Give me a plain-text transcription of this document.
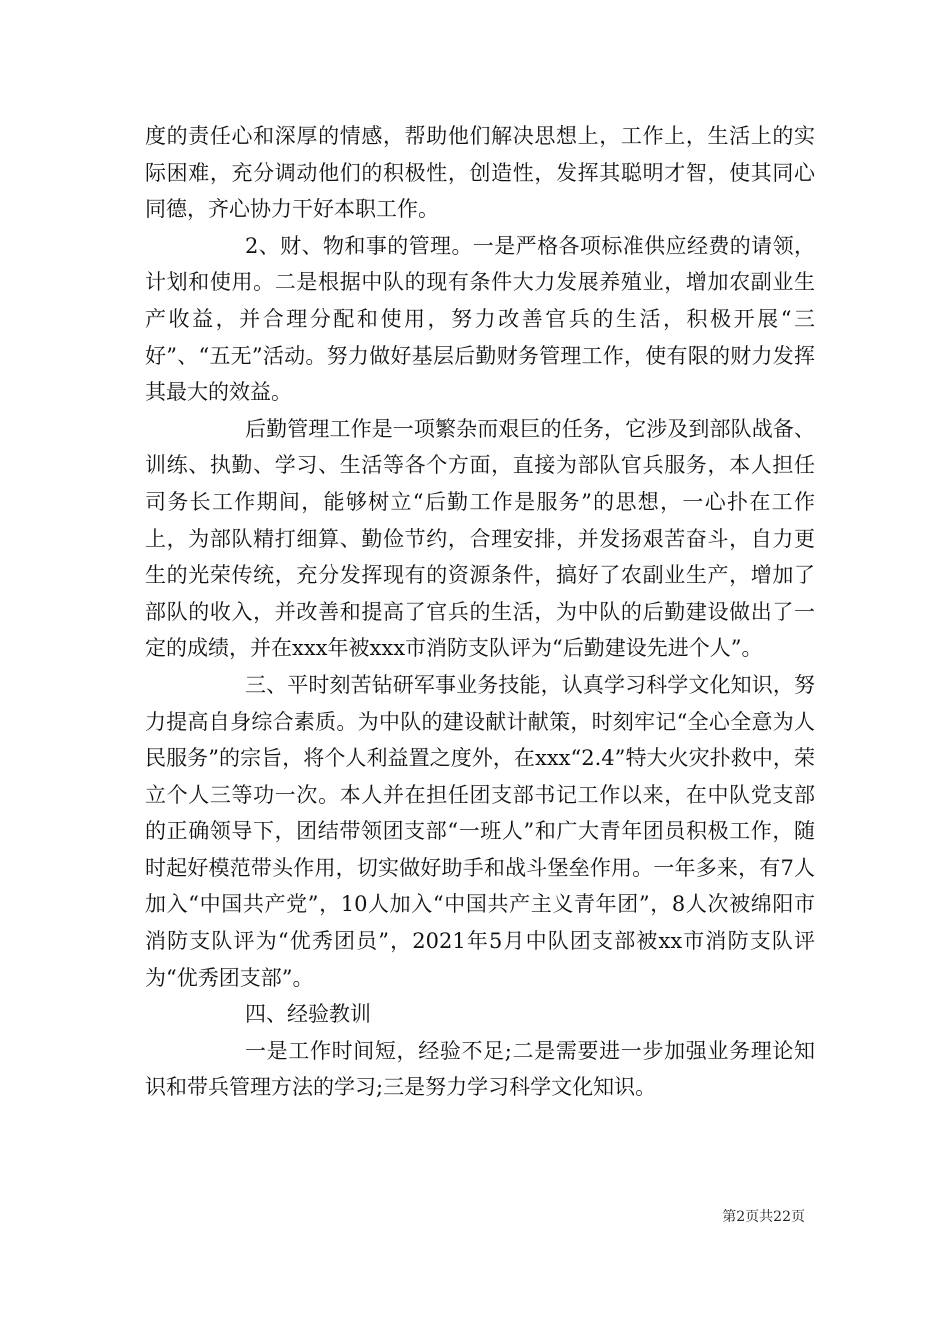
度的责任心和深厚的情感，帮助他们解决思想上，工作上，生活上的实际困难，充分调动他们的积极性，创造性，发挥其聪明才智，使其同心同德，齐心协力干好本职工作。

2、财、物和事的管理。一是严格各项标准供应经费的请领，计划和使用。二是根据中队的现有条件大力发展养殖业，增加农副业生产收益，并合理分配和使用，努力改善官兵的生活，积极开展“三好”、“五无”活动。努力做好基层后勤财务管理工作，使有限的财力发挥其最大的效益。

后勤管理工作是一项繁杂而艰巨的任务，它涉及到部队战备、训练、执勤、学习、生活等各个方面，直接为部队官兵服务，本人担任司务长工作期间，能够树立“后勤工作是服务”的思想，一心扑在工作上，为部队精打细算、勤俭节约，合理安排，并发扬艰苦奋斗，自力更生的光荣传统，充分发挥现有的资源条件，搞好了农副业生产，增加了部队的收入，并改善和提高了官兵的生活，为中队的后勤建设做出了一定的成绩，并在xxx年被xxx市消防支队评为“后勤建设先进个人”。

三、平时刻苦钻研军事业务技能，认真学习科学文化知识，努力提高自身综合素质。为中队的建设献计献策，时刻牢记“全心全意为人民服务”的宗旨，将个人利益置之度外，在xxx“2.4”特大火灾扑救中，荣立个人三等功一次。本人并在担任团支部书记工作以来，在中队党支部的正确领导下，团结带领团支部“一班人”和广大青年团员积极工作，随时起好模范带头作用，切实做好助手和战斗堡垒作用。一年多来，有7人加入“中国共产党”，10人加入“中国共产主义青年团”，8人次被绵阳市消防支队评为“优秀团员”，2021年5月中队团支部被xx市消防支队评为“优秀团支部”。

四、经验教训

一是工作时间短，经验不足;二是需要进一步加强业务理论知识和带兵管理方法的学习;三是努力学习科学文化知识。

第2页共22页
